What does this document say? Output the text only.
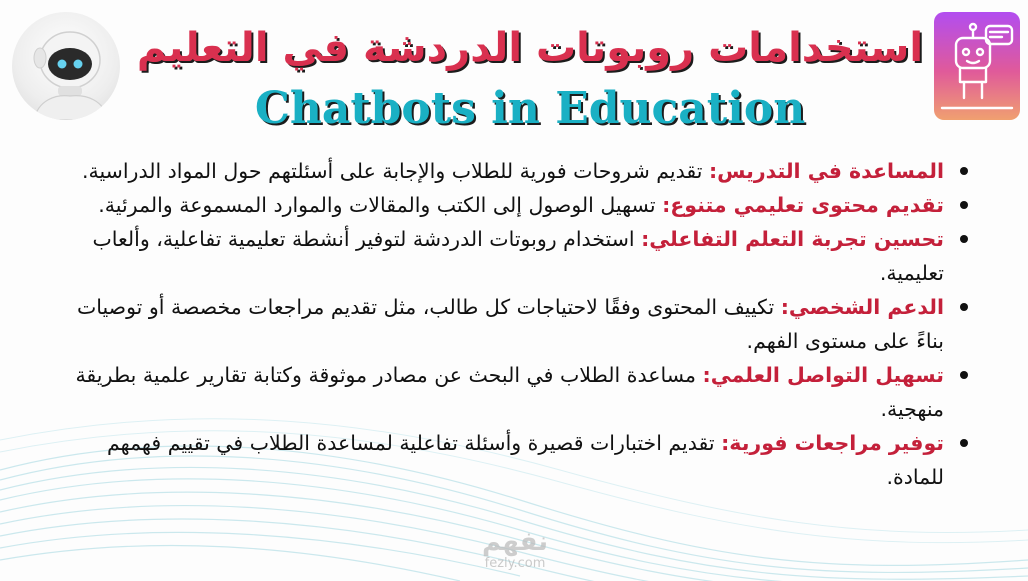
استخدامات روبوتات الدردشة في التعليم
Chatbots in Education
المساعدة في التدريس: تقديم شروحات فورية للطلاب والإجابة على أسئلتهم حول المواد الدراسية.
تقديم محتوى تعليمي متنوع: تسهيل الوصول إلى الكتب والمقالات والموارد المسموعة والمرئية.
تحسين تجربة التعلم التفاعلي: استخدام روبوتات الدردشة لتوفير أنشطة تعليمية تفاعلية، وألعاب تعليمية.
الدعم الشخصي: تكييف المحتوى وفقًا لاحتياجات كل طالب، مثل تقديم مراجعات مخصصة أو توصيات بناءً على مستوى الفهم.
تسهيل التواصل العلمي: مساعدة الطلاب في البحث عن مصادر موثوقة وكتابة تقارير علمية بطريقة منهجية.
توفير مراجعات فورية: تقديم اختبارات قصيرة وأسئلة تفاعلية لمساعدة الطلاب في تقييم فهمهم للمادة.
نفهم
fezly.com
